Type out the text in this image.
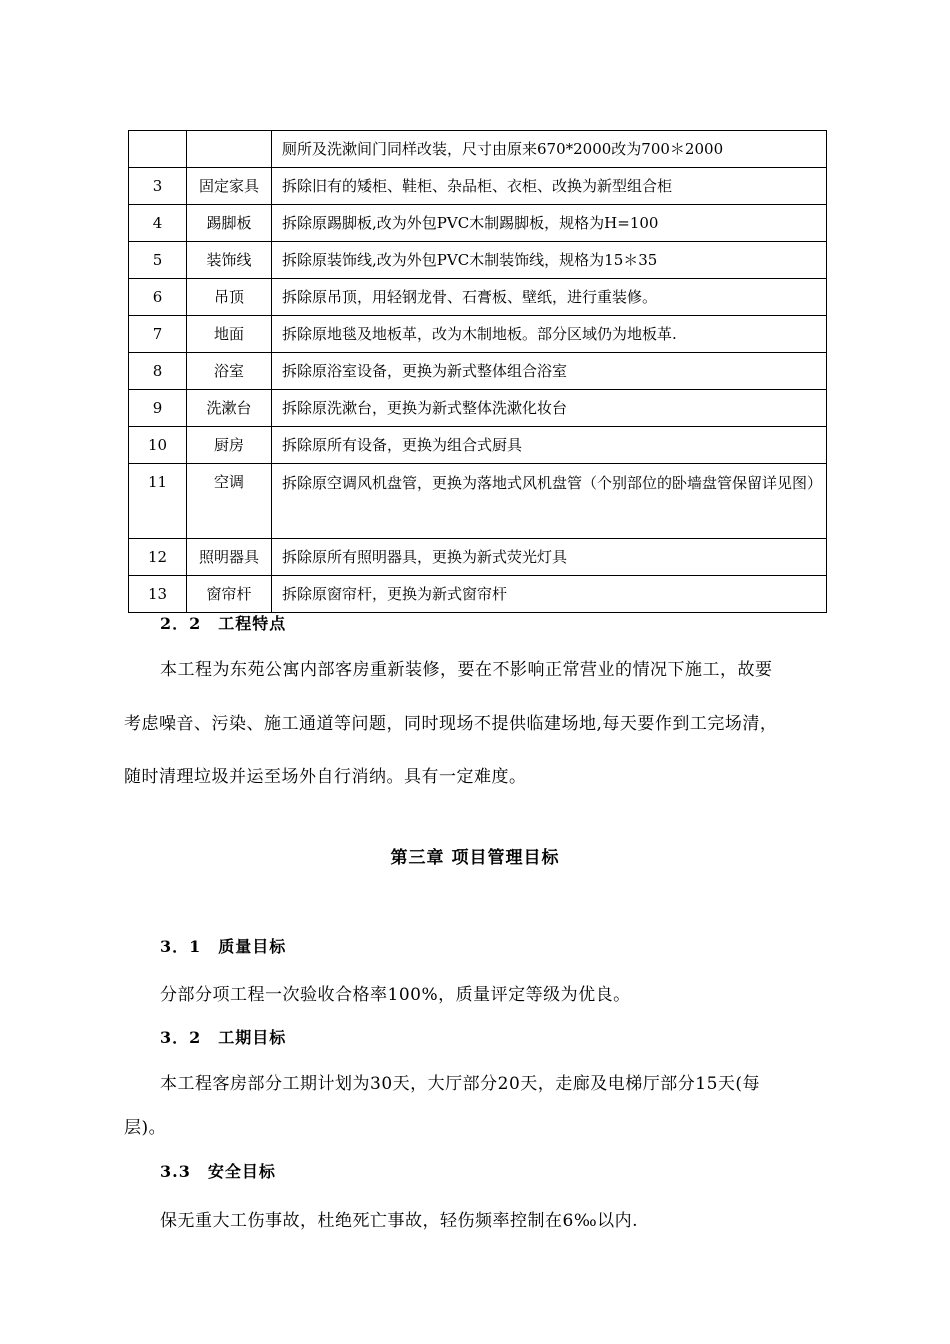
		厕所及洗漱间门同样改装，尺寸由原来670*2000改为700＊2000
3	固定家具	拆除旧有的矮柜、鞋柜、杂品柜、衣柜、改换为新型组合柜
4	踢脚板	拆除原踢脚板,改为外包PVC木制踢脚板，规格为H=100
5	装饰线	拆除原装饰线,改为外包PVC木制装饰线，规格为15＊35
6	吊顶	拆除原吊顶，用轻钢龙骨、石膏板、壁纸，进行重装修。
7	地面	拆除原地毯及地板革，改为木制地板。部分区域仍为地板革.
8	浴室	拆除原浴室设备，更换为新式整体组合浴室
9	洗漱台	拆除原洗漱台，更换为新式整体洗漱化妆台
10	厨房	拆除原所有设备，更换为组合式厨具
11	空调	拆除原空调风机盘管，更换为落地式风机盘管（个别部位的卧墙盘管保留详见图）
12	照明器具	拆除原所有照明器具，更换为新式荧光灯具
13	窗帘杆	拆除原窗帘杆，更换为新式窗帘杆
2．2　工程特点
本工程为东苑公寓内部客房重新装修，要在不影响正常营业的情况下施工，故要
考虑噪音、污染、施工通道等问题，同时现场不提供临建场地,每天要作到工完场清，
随时清理垃圾并运至场外自行消纳。具有一定难度。
第三章 项目管理目标
3．1　质量目标
分部分项工程一次验收合格率100%，质量评定等级为优良。
3．2　工期目标
本工程客房部分工期计划为30天，大厅部分20天，走廊及电梯厅部分15天(每
层)。
3.3　安全目标
保无重大工伤事故，杜绝死亡事故，轻伤频率控制在6‰以内.
